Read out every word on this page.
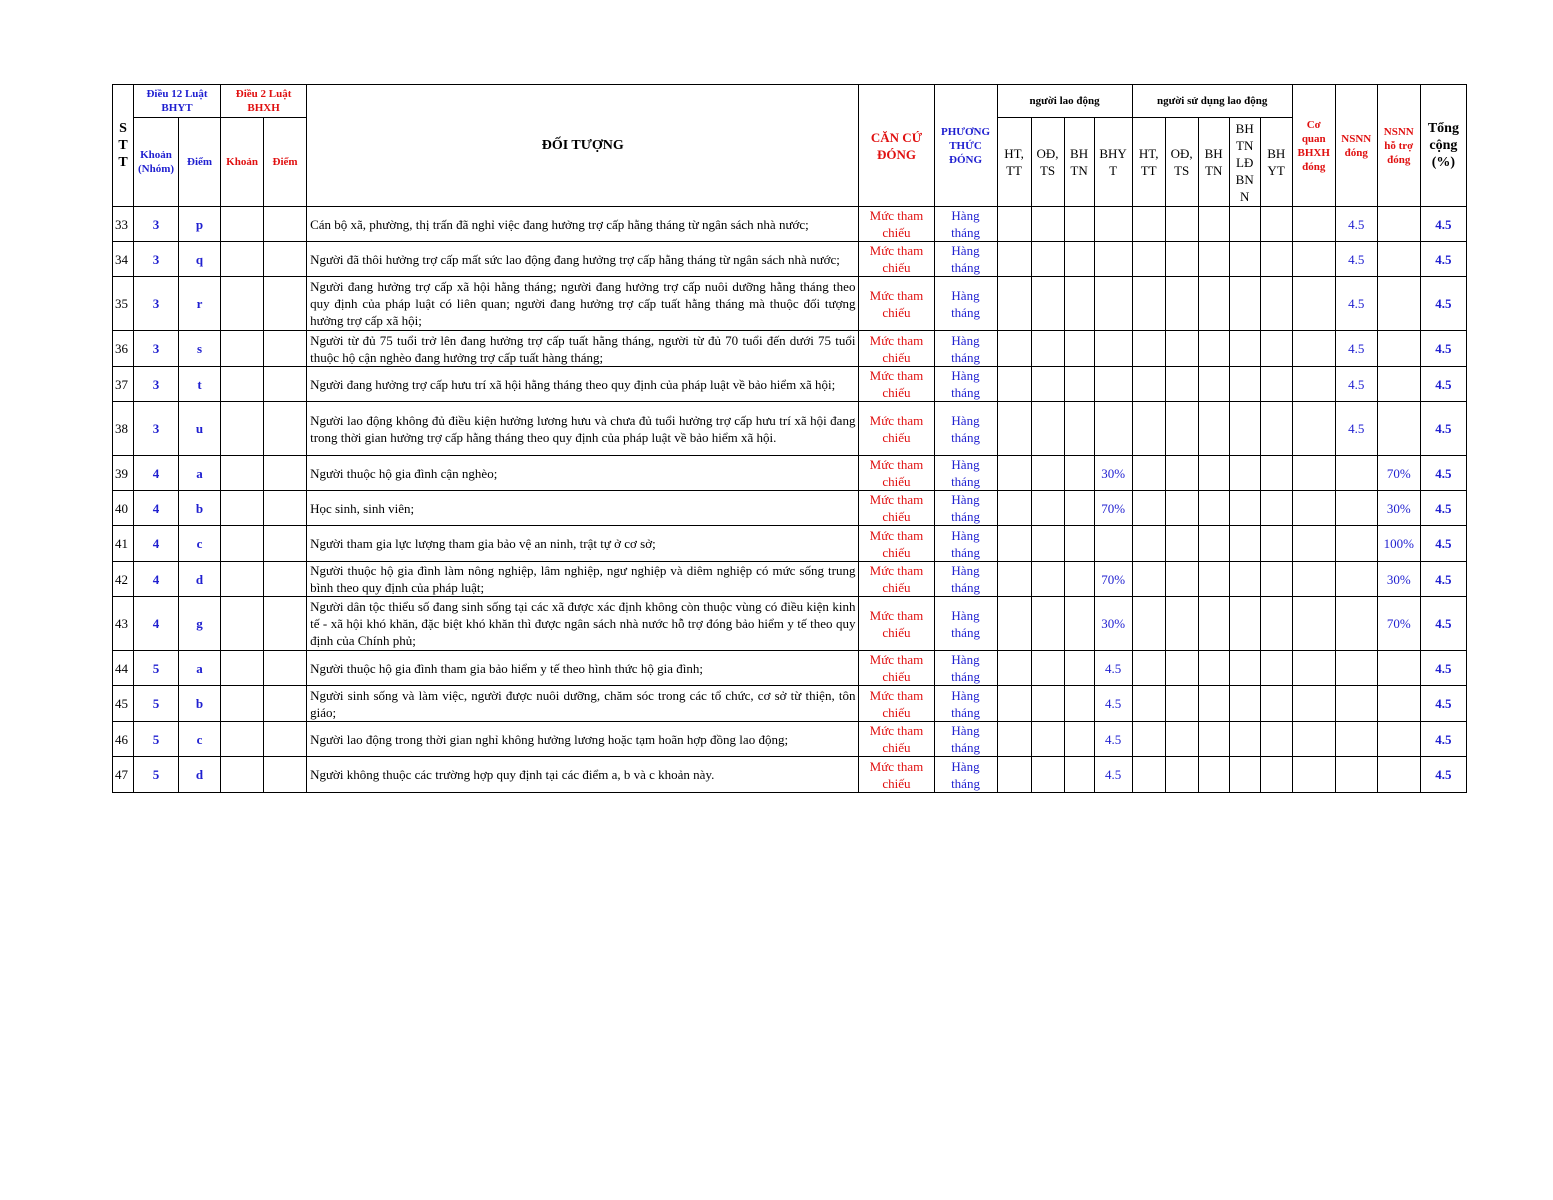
S T T	Điều 12 Luật BHYT		Điều 2 Luật BHXH		ĐỐI TƯỢNG	CĂN CỨ ĐÓNG	PHƯƠNG THỨC ĐÓNG	người lao động				người sử dụng lao động					Cơ quan BHXH đóng	NSNN đóng	NSNN hỗ trợ đóng	Tổng cộng (%)
	Khoản (Nhóm)	Điểm	Khoản	Điểm				HT, TT	OĐ, TS	BH TN	BHY T	HT, TT	OĐ, TS	BH TN	BH TN LĐ BN N	BH YT				
33	3	p			Cán bộ xã, phường, thị trấn đã nghỉ việc đang hưởng trợ cấp hằng tháng từ ngân sách nhà nước;	Mức tham chiếu	Hàng tháng											4.5		4.5
34	3	q			Người đã thôi hưởng trợ cấp mất sức lao động đang hưởng trợ cấp hằng tháng từ ngân sách nhà nước;	Mức tham chiếu	Hàng tháng											4.5		4.5
35	3	r			Người đang hưởng trợ cấp xã hội hằng tháng; người đang hưởng trợ cấp nuôi dưỡng hằng tháng theo quy định của pháp luật có liên quan; người đang hưởng trợ cấp tuất hằng tháng mà thuộc đối tượng hưởng trợ cấp xã hội;	Mức tham chiếu	Hàng tháng											4.5		4.5
36	3	s			Người từ đủ 75 tuổi trở lên đang hưởng trợ cấp tuất hằng tháng, người từ đủ 70 tuổi đến dưới 75 tuổi thuộc hộ cận nghèo đang hưởng trợ cấp tuất hàng tháng;	Mức tham chiếu	Hàng tháng											4.5		4.5
37	3	t			Người đang hưởng trợ cấp hưu trí xã hội hằng tháng theo quy định của pháp luật về bảo hiểm xã hội;	Mức tham chiếu	Hàng tháng											4.5		4.5
38	3	u			Người lao động không đủ điều kiện hưởng lương hưu và chưa đủ tuổi hưởng trợ cấp hưu trí xã hội đang trong thời gian hưởng trợ cấp hằng tháng theo quy định của pháp luật về bảo hiểm xã hội.	Mức tham chiếu	Hàng tháng											4.5		4.5
39	4	a			Người thuộc hộ gia đình cận nghèo;	Mức tham chiếu	Hàng tháng				30%								70%	4.5
40	4	b			Học sinh, sinh viên;	Mức tham chiếu	Hàng tháng				70%								30%	4.5
41	4	c			Người tham gia lực lượng tham gia bảo vệ an ninh, trật tự ở cơ sở;	Mức tham chiếu	Hàng tháng												100%	4.5
42	4	d			Người thuộc hộ gia đình làm nông nghiệp, lâm nghiệp, ngư nghiệp và diêm nghiệp có mức sống trung bình theo quy định của pháp luật;	Mức tham chiếu	Hàng tháng				70%								30%	4.5
43	4	g			Người dân tộc thiểu số đang sinh sống tại các xã được xác định không còn thuộc vùng có điều kiện kinh tế - xã hội khó khăn, đặc biệt khó khăn thì được ngân sách nhà nước hỗ trợ đóng bảo hiểm y tế theo quy định của Chính phủ;	Mức tham chiếu	Hàng tháng				30%								70%	4.5
44	5	a			Người thuộc hộ gia đình tham gia bảo hiểm y tế theo hình thức hộ gia đình;	Mức tham chiếu	Hàng tháng				4.5									4.5
45	5	b			Người sinh sống và làm việc, người được nuôi dưỡng, chăm sóc trong các tổ chức, cơ sở từ thiện, tôn giáo;	Mức tham chiếu	Hàng tháng				4.5									4.5
46	5	c			Người lao động trong thời gian nghỉ không hưởng lương hoặc tạm hoãn hợp đồng lao động;	Mức tham chiếu	Hàng tháng				4.5									4.5
47	5	d			Người không thuộc các trường hợp quy định tại các điểm a, b và c khoản này.	Mức tham chiếu	Hàng tháng				4.5									4.5
